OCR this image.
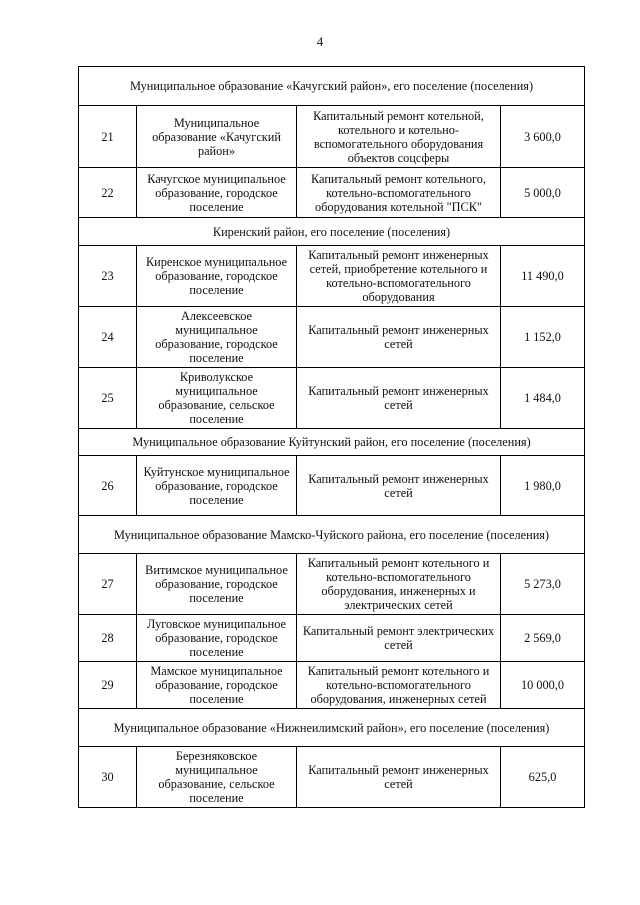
4
Муниципальное образование «Качугский район», его поселение (поселения)			
21	Муниципальное образование «Качугский район»	Капитальный ремонт котельной, котельного и котельно-вспомогательного оборудования объектов соцсферы	3 600,0
22	Качугское муниципальное образование, городское поселение	Капитальный ремонт котельного, котельно-вспомогательного оборудования котельной "ПСК"	5 000,0
Киренский район, его поселение (поселения)			
23	Киренское муниципальное образование, городское поселение	Капитальный ремонт инженерных сетей, приобретение котельного и котельно-вспомогательного оборудования	11 490,0
24	Алексеевское муниципальное образование, городское поселение	Капитальный ремонт инженерных сетей	1 152,0
25	Криволукское муниципальное образование, сельское поселение	Капитальный ремонт инженерных сетей	1 484,0
Муниципальное образование Куйтунский район, его поселение (поселения)			
26	Куйтунское муниципальное образование, городское поселение	Капитальный ремонт инженерных сетей	1 980,0
Муниципальное образование Мамско-Чуйского района, его поселение (поселения)			
27	Витимское муниципальное образование, городское поселение	Капитальный ремонт котельного и котельно-вспомогательного оборудования, инженерных и электрических сетей	5 273,0
28	Луговское муниципальное образование, городское поселение	Капитальный ремонт электрических сетей	2 569,0
29	Мамское муниципальное образование, городское поселение	Капитальный ремонт котельного и котельно-вспомогательного оборудования, инженерных сетей	10 000,0
Муниципальное образование «Нижнеилимский район», его поселение (поселения)			
30	Березняковское муниципальное образование, сельское поселение	Капитальный ремонт инженерных сетей	625,0
